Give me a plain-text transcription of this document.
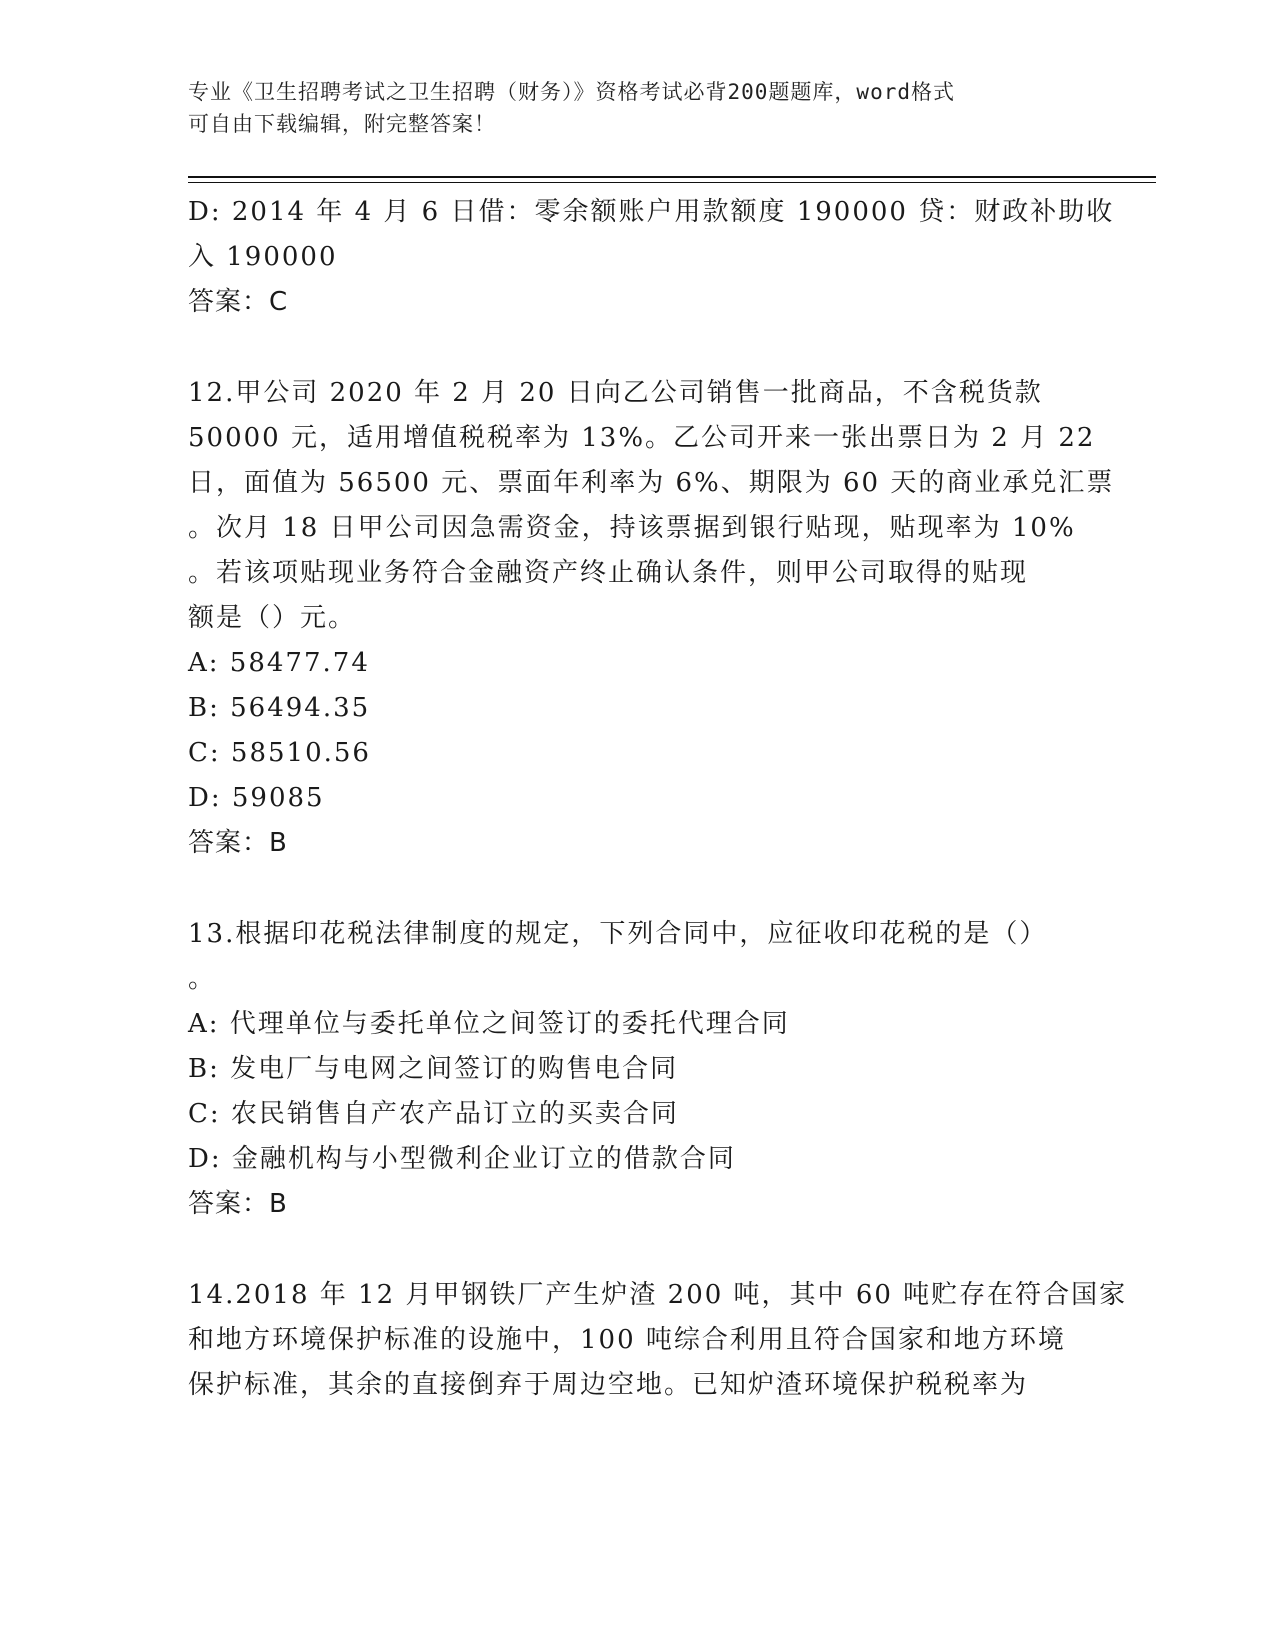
专业《卫生招聘考试之卫生招聘（财务）》资格考试必背200题题库，word格式
可自由下载编辑，附完整答案！
D: 2014 年 4 月 6 日借：零余额账户用款额度 190000 贷：财政补助收
入 190000
答案：C
12.甲公司 2020 年 2 月 20 日向乙公司销售一批商品，不含税货款
50000 元，适用增值税税率为 13%。乙公司开来一张出票日为 2 月 22
日，面值为 56500 元、票面年利率为 6%、期限为 60 天的商业承兑汇票
。次月 18 日甲公司因急需资金，持该票据到银行贴现，贴现率为 10%
。若该项贴现业务符合金融资产终止确认条件，则甲公司取得的贴现
额是（）元。
A: 58477.74
B: 56494.35
C: 58510.56
D: 59085
答案：B
13.根据印花税法律制度的规定，下列合同中，应征收印花税的是（）
。
A: 代理单位与委托单位之间签订的委托代理合同
B: 发电厂与电网之间签订的购售电合同
C: 农民销售自产农产品订立的买卖合同
D: 金融机构与小型微利企业订立的借款合同
答案：B
14.2018 年 12 月甲钢铁厂产生炉渣 200 吨，其中 60 吨贮存在符合国家
和地方环境保护标准的设施中，100 吨综合利用且符合国家和地方环境
保护标准，其余的直接倒弃于周边空地。已知炉渣环境保护税税率为
